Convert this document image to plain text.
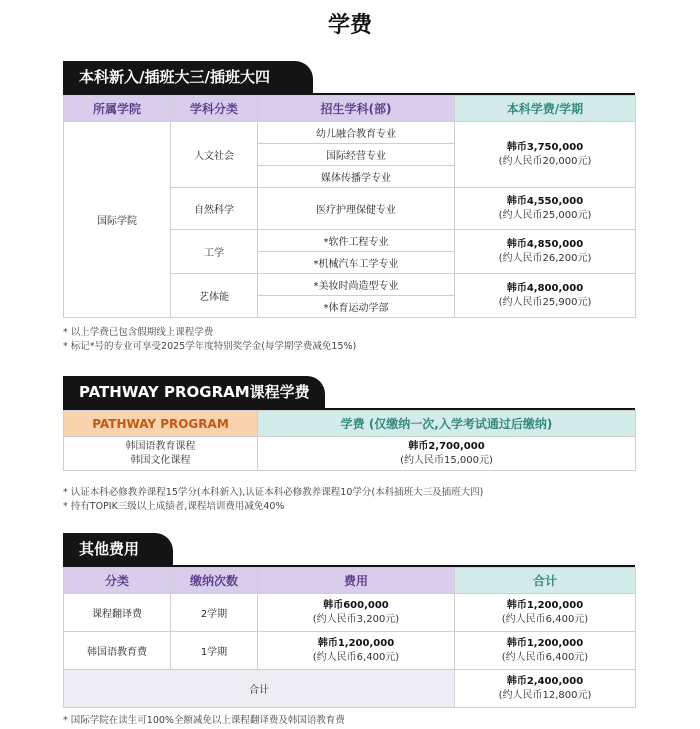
学费
本科新入/插班大三/插班大四
所属学院	学科分类	招生学科(部)	本科学费/学期
国际学院	人文社会	幼儿融合教育专业	韩币3,750,000
(约人民币20,000元)

		国际经营专业	
		媒体传播学专业	
	自然科学	医疗护理保健专业	韩币4,550,000
(约人民币25,000元)

	工学	*软件工程专业	韩币4,850,000
(约人民币26,200元)

		*机械汽车工学专业	
	艺体能	*美妆时尚造型专业	韩币4,800,000
(约人民币25,900元)

		*体育运动学部	
* 以上学费已包含假期线上课程学费
* 标记*号的专业可享受2025学年度特别奖学金(每学期学费减免15%)
PATHWAY PROGRAM课程学费
PATHWAY PROGRAM	学费 (仅缴纳一次,入学考试通过后缴纳)

韩国语教育课程
韩国文化课程	韩币2,700,000
(约人民币15,000元)
* 认证本科必修教养课程15学分(本科新入),认证本科必修教养课程10学分(本科插班大三及插班大四)
* 持有TOPIK三级以上成绩者,课程培训费用减免40%
其他费用
分类	缴纳次数	费用	合计
课程翻译费	2学期	韩币600,000
(约人民币3,200元)	韩币1,200,000
(约人民币6,400元)

韩国语教育费	1学期	韩币1,200,000
(约人民币6,400元)	韩币1,200,000
(约人民币6,400元)

合计			韩币2,400,000
(约人民币12,800元)
* 国际学院在读生可100%全额减免以上课程翻译费及韩国语教育费
